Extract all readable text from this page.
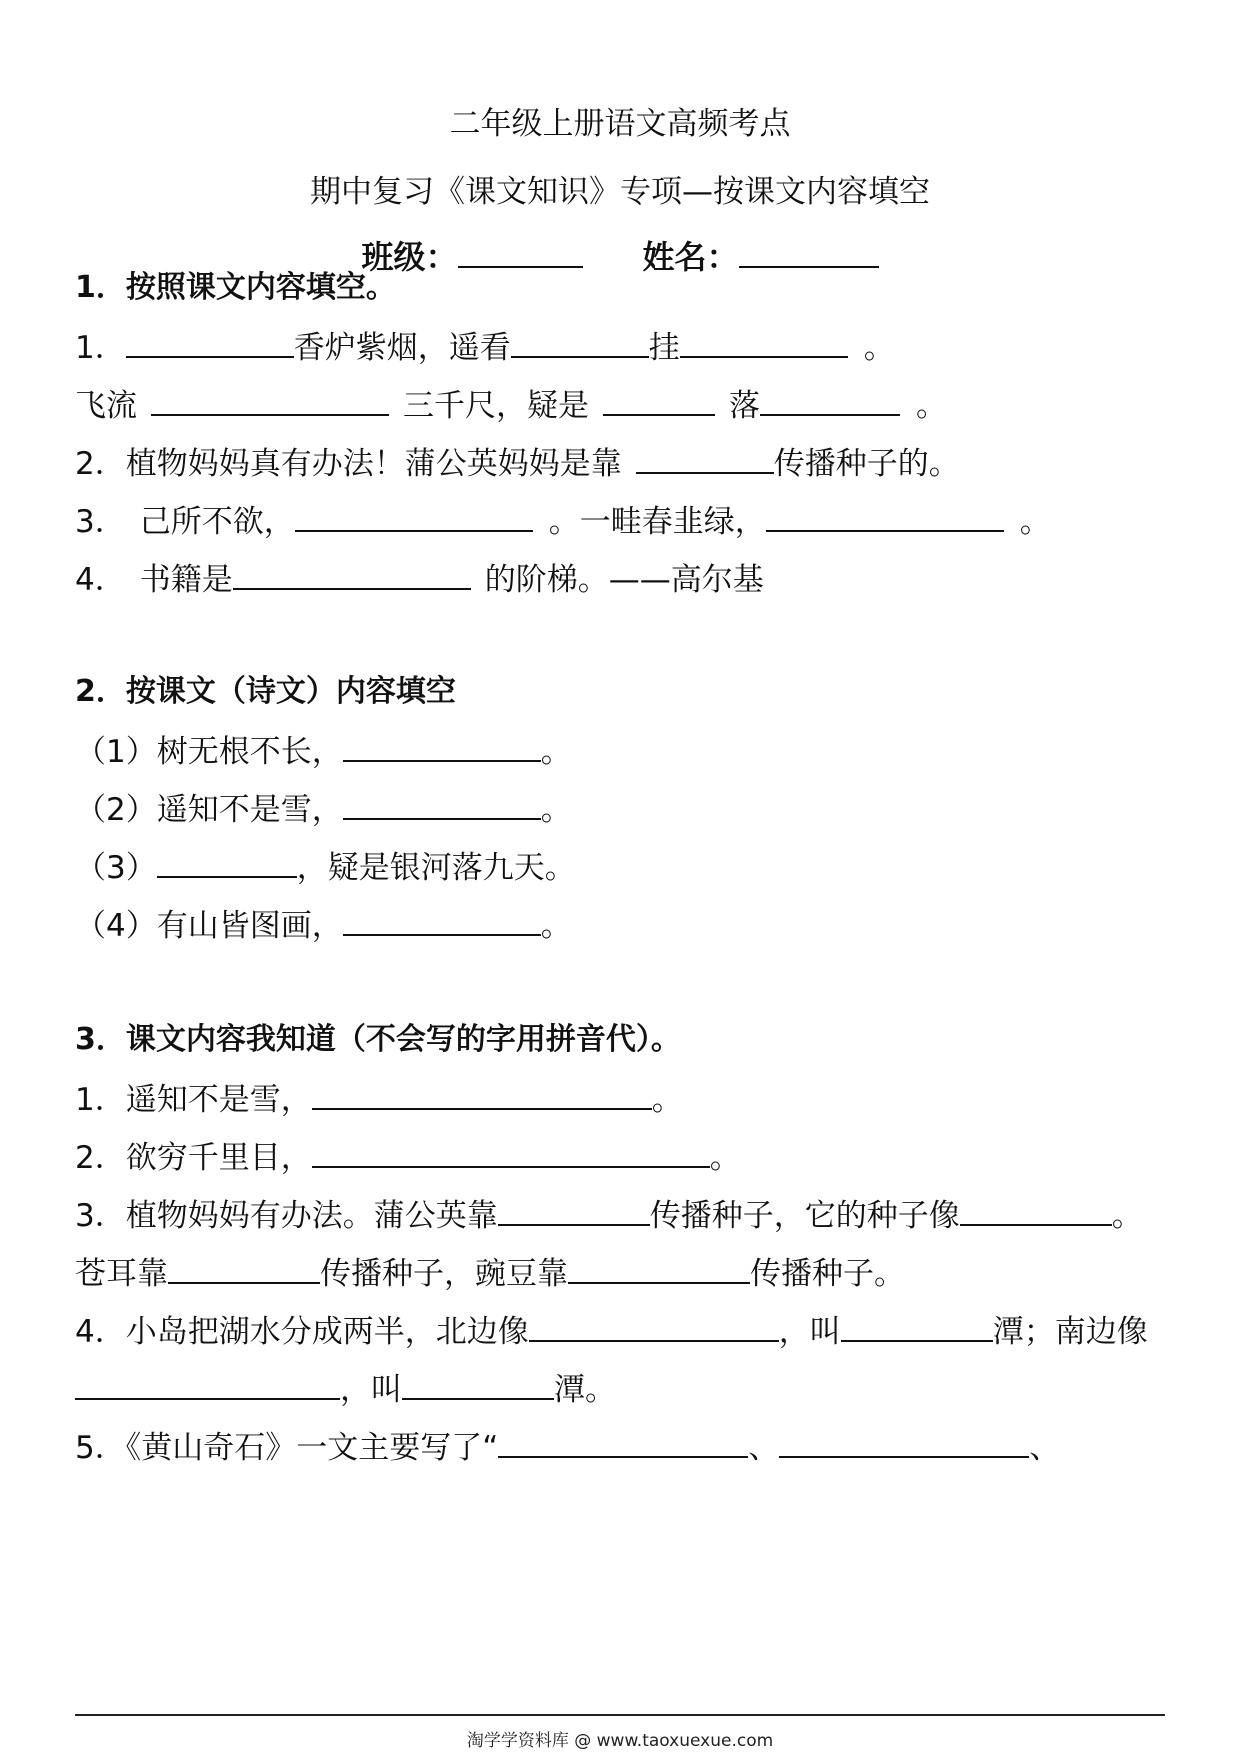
二年级上册语文高频考点
期中复习《课文知识》专项—按课文内容填空
班级：	姓名：
1．按照课文内容填空。
1．	香炉紫烟，遥看	挂	。
飞流	三千尺，疑是	落	。
2．植物妈妈真有办法！蒲公英妈妈是靠	传播种子的。
3． 己所不欲，	。一畦春韭绿，	。
4． 书籍是	的阶梯。——高尔基
2．按课文（诗文）内容填空
（1）树无根不长，	。
（2）遥知不是雪，	。
（3）	，疑是银河落九天。
（4）有山皆图画，	。
3．课文内容我知道（不会写的字用拼音代）。
1．遥知不是雪，	。
2．欲穷千里目，	。
3．植物妈妈有办法。蒲公英靠	传播种子，它的种子像	。
苍耳靠	传播种子，豌豆靠	传播种子。
4．小岛把湖水分成两半，北边像	，叫	潭；南边像
，叫	潭。
5．《黄山奇石》一文主要写了“	、	、
淘学学资料库 @ www.taoxuexue.com
